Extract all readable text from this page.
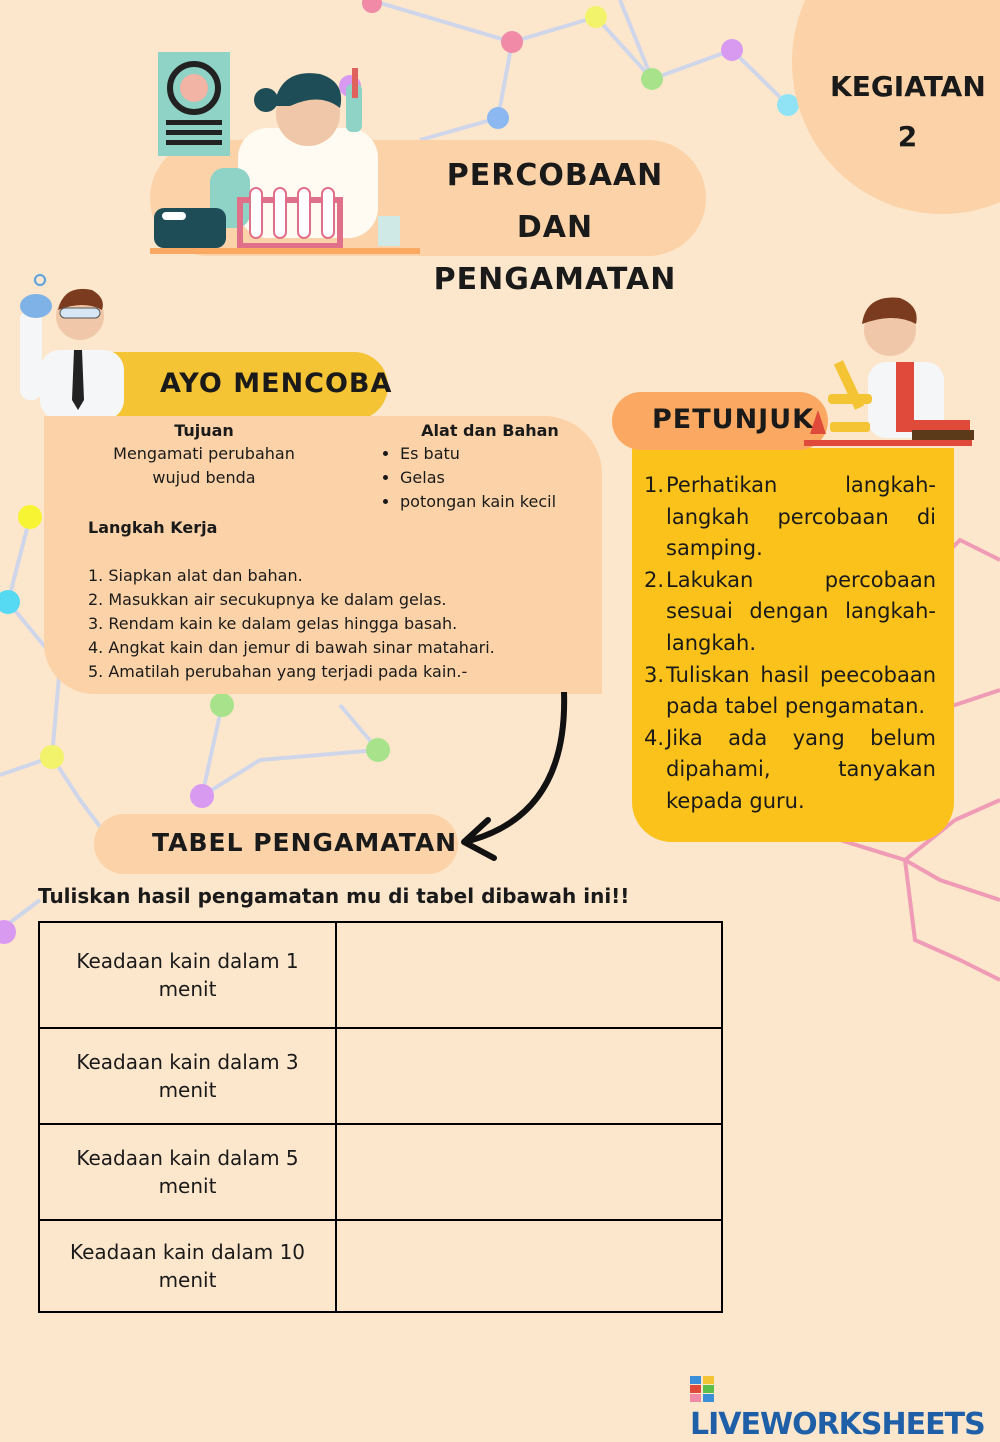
KEGIATAN
2
PERCOBAAN DAN
PENGAMATAN
AYO MENCOBA
Tujuan
Mengamati perubahan
wujud benda
Alat dan Bahan
• Es batu
• Gelas
• potongan kain kecil
Langkah Kerja
1. Siapkan alat dan bahan.
2. Masukkan air secukupnya ke dalam gelas.
3. Rendam kain ke dalam gelas hingga basah.
4. Angkat kain dan jemur di bawah sinar matahari.
5. Amatilah perubahan yang terjadi pada kain.-
PETUNJUK
1. Perhatikan langkah-langkah percobaan di samping.
2. Lakukan percobaan sesuai dengan langkah-langkah.
3. Tuliskan hasil peecobaan pada tabel pengamatan.
4. Jika ada yang belum dipahami, tanyakan kepada guru.
TABEL PENGAMATAN
Tuliskan hasil pengamatan mu di tabel dibawah ini!!
Keadaan kain dalam 1
menit	

Keadaan kain dalam 3
menit	

Keadaan kain dalam 5
menit	

Keadaan kain dalam 10
menit	

LIVEWORKSHEETS
